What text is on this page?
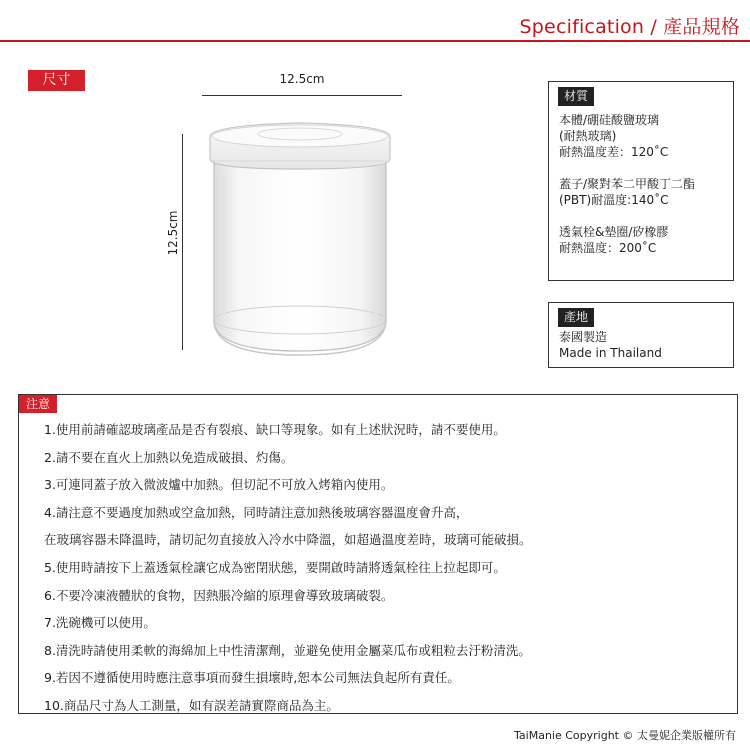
Specification / 產品規格
尺寸	12.5cm
12.5cm
材質

本體/硼硅酸鹽玻璃
(耐熱玻璃)
耐熱溫度差：120˚C

蓋子/聚對苯二甲酸丁二酯
(PBT)耐溫度:140˚C

透氣栓&墊圈/矽橡膠
耐熱溫度：200˚C

產地
泰國製造
Made in Thailand
注意
1.使用前請確認玻璃產品是否有裂痕、缺口等現象。如有上述狀況時，請不要使用。
2.請不要在直火上加熱以免造成破損、灼傷。
3.可連同蓋子放入微波爐中加熱。但切記不可放入烤箱內使用。
4.請注意不要過度加熱或空盒加熱，同時請注意加熱後玻璃容器溫度會升高，
在玻璃容器未降溫時，請切記勿直接放入冷水中降溫，如超過溫度差時，玻璃可能破損。
5.使用時請按下上蓋透氣栓讓它成為密閉狀態，要開啟時請將透氣栓往上拉起即可。
6.不要冷凍液體狀的食物，因熱脹冷縮的原理會導致玻璃破裂。
7.洗碗機可以使用。
8.清洗時請使用柔軟的海綿加上中性清潔劑，並避免使用金屬菜瓜布或粗粒去汙粉清洗。
9.若因不遵循使用時應注意事項而發生損壞時,恕本公司無法負起所有責任。
10.商品尺寸為人工測量，如有誤差請實際商品為主。
TaiManie Copyright © 太曼妮企業版權所有
